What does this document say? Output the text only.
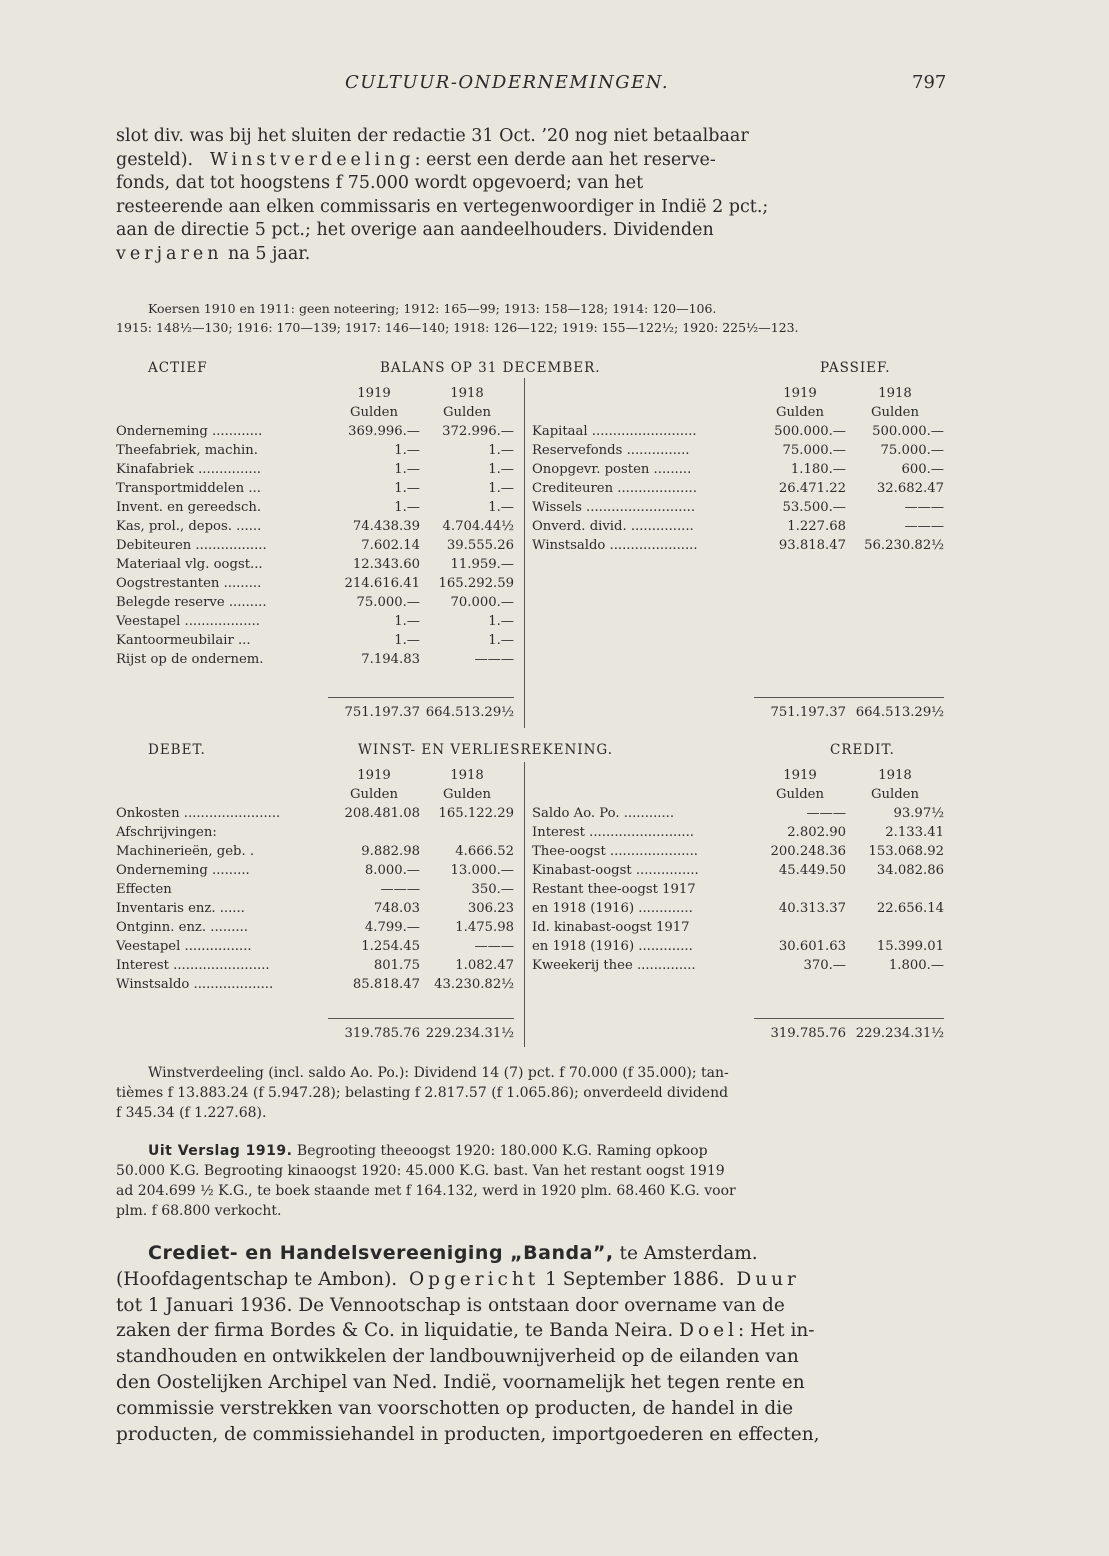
CULTUUR-ONDERNEMINGEN.	797
slot div. was bij het sluiten der redactie 31 Oct. ’20 nog niet betaalbaar
gesteld). Winstverdeeling: eerst een derde aan het reserve-
fonds, dat tot hoogstens f 75.000 wordt opgevoerd; van het
resteerende aan elken commissaris en vertegenwoordiger in Indië 2 pct.;
aan de directie 5 pct.; het overige aan aandeelhouders. Dividenden
verjaren na 5 jaar.
Koersen 1910 en 1911: geen noteering; 1912: 165—99; 1913: 158—128; 1914: 120—106.
1915: 148½—130; 1916: 170—139; 1917: 146—140; 1918: 126—122; 1919: 155—122½; 1920: 225½—123.
ACTIEF	BALANS OP 31 DECEMBER.	PASSIEF.
	1919	1918
	Gulden	Gulden
Onderneming ............	369.996.—	372.996.—
Theefabriek, machin.	1.—	1.—
Kinafabriek ...............	1.—	1.—
Transportmiddelen ...	1.—	1.—
Invent. en gereedsch.	1.—	1.—
Kas, prol., depos. ......	74.438.39	4.704.44½
Debiteuren .................	7.602.14	39.555.26
Materiaal vlg. oogst...	12.343.60	11.959.—
Oogstrestanten .........	214.616.41	165.292.59
Belegde reserve .........	75.000.—	70.000.—
Veestapel ..................	1.—	1.—
Kantoormeubilair ...	1.—	1.—
Rijst op de ondernem.	7.194.83	———
	751.197.37	664.513.29½
	1919	1918
	Gulden	Gulden
Kapitaal .........................	500.000.—	500.000.—
Reservefonds ...............	75.000.—	75.000.—
Onopgevr. posten .........	1.180.—	600.—
Crediteuren ...................	26.471.22	32.682.47
Wissels ..........................	53.500.—	———
Onverd. divid. ...............	1.227.68	———
Winstsaldo .....................	93.818.47	56.230.82½
	751.197.37	664.513.29½
DEBET.	WINST- EN VERLIESREKENING.	CREDIT.
	1919	1918
	Gulden	Gulden
Onkosten .......................	208.481.08	165.122.29
Afschrijvingen:		
Machinerieën, geb. .	9.882.98	4.666.52
Onderneming .........	8.000.—	13.000.—
Effecten	———	350.—
Inventaris enz. ......	748.03	306.23
Ontginn. enz. .........	4.799.—	1.475.98
Veestapel ................	1.254.45	———
Interest .......................	801.75	1.082.47
Winstsaldo ...................	85.818.47	43.230.82½
	319.785.76	229.234.31½
	1919	1918
	Gulden	Gulden
Saldo Ao. Po. ............	———	93.97½
Interest .........................	2.802.90	2.133.41
Thee-oogst .....................	200.248.36	153.068.92
Kinabast-oogst ...............	45.449.50	34.082.86
Restant thee-oogst 1917		
en 1918 (1916) .............	40.313.37	22.656.14
Id. kinabast-oogst 1917		
en 1918 (1916) .............	30.601.63	15.399.01
Kweekerij thee ..............	370.—	1.800.—
	319.785.76	229.234.31½
Winstverdeeling (incl. saldo Ao. Po.): Dividend 14 (7) pct. f 70.000 (f 35.000); tan-
tièmes f 13.883.24 (f 5.947.28); belasting f 2.817.57 (f 1.065.86); onverdeeld dividend
f 345.34 (f 1.227.68).
Uit Verslag 1919. Begrooting theeoogst 1920: 180.000 K.G. Raming opkoop
50.000 K.G. Begrooting kinaoogst 1920: 45.000 K.G. bast. Van het restant oogst 1919
ad 204.699 ½ K.G., te boek staande met f 164.132, werd in 1920 plm. 68.460 K.G. voor
plm. f 68.800 verkocht.
Crediet- en Handelsvereeniging „Banda”, te Amsterdam.
(Hoofdagentschap te Ambon). Opgericht 1 September 1886. Duur
tot 1 Januari 1936. De Vennootschap is ontstaan door overname van de
zaken der firma Bordes & Co. in liquidatie, te Banda Neira. Doel: Het in-
standhouden en ontwikkelen der landbouwnijverheid op de eilanden van
den Oostelijken Archipel van Ned. Indië, voornamelijk het tegen rente en
commissie verstrekken van voorschotten op producten, de handel in die
producten, de commissiehandel in producten, importgoederen en effecten,
